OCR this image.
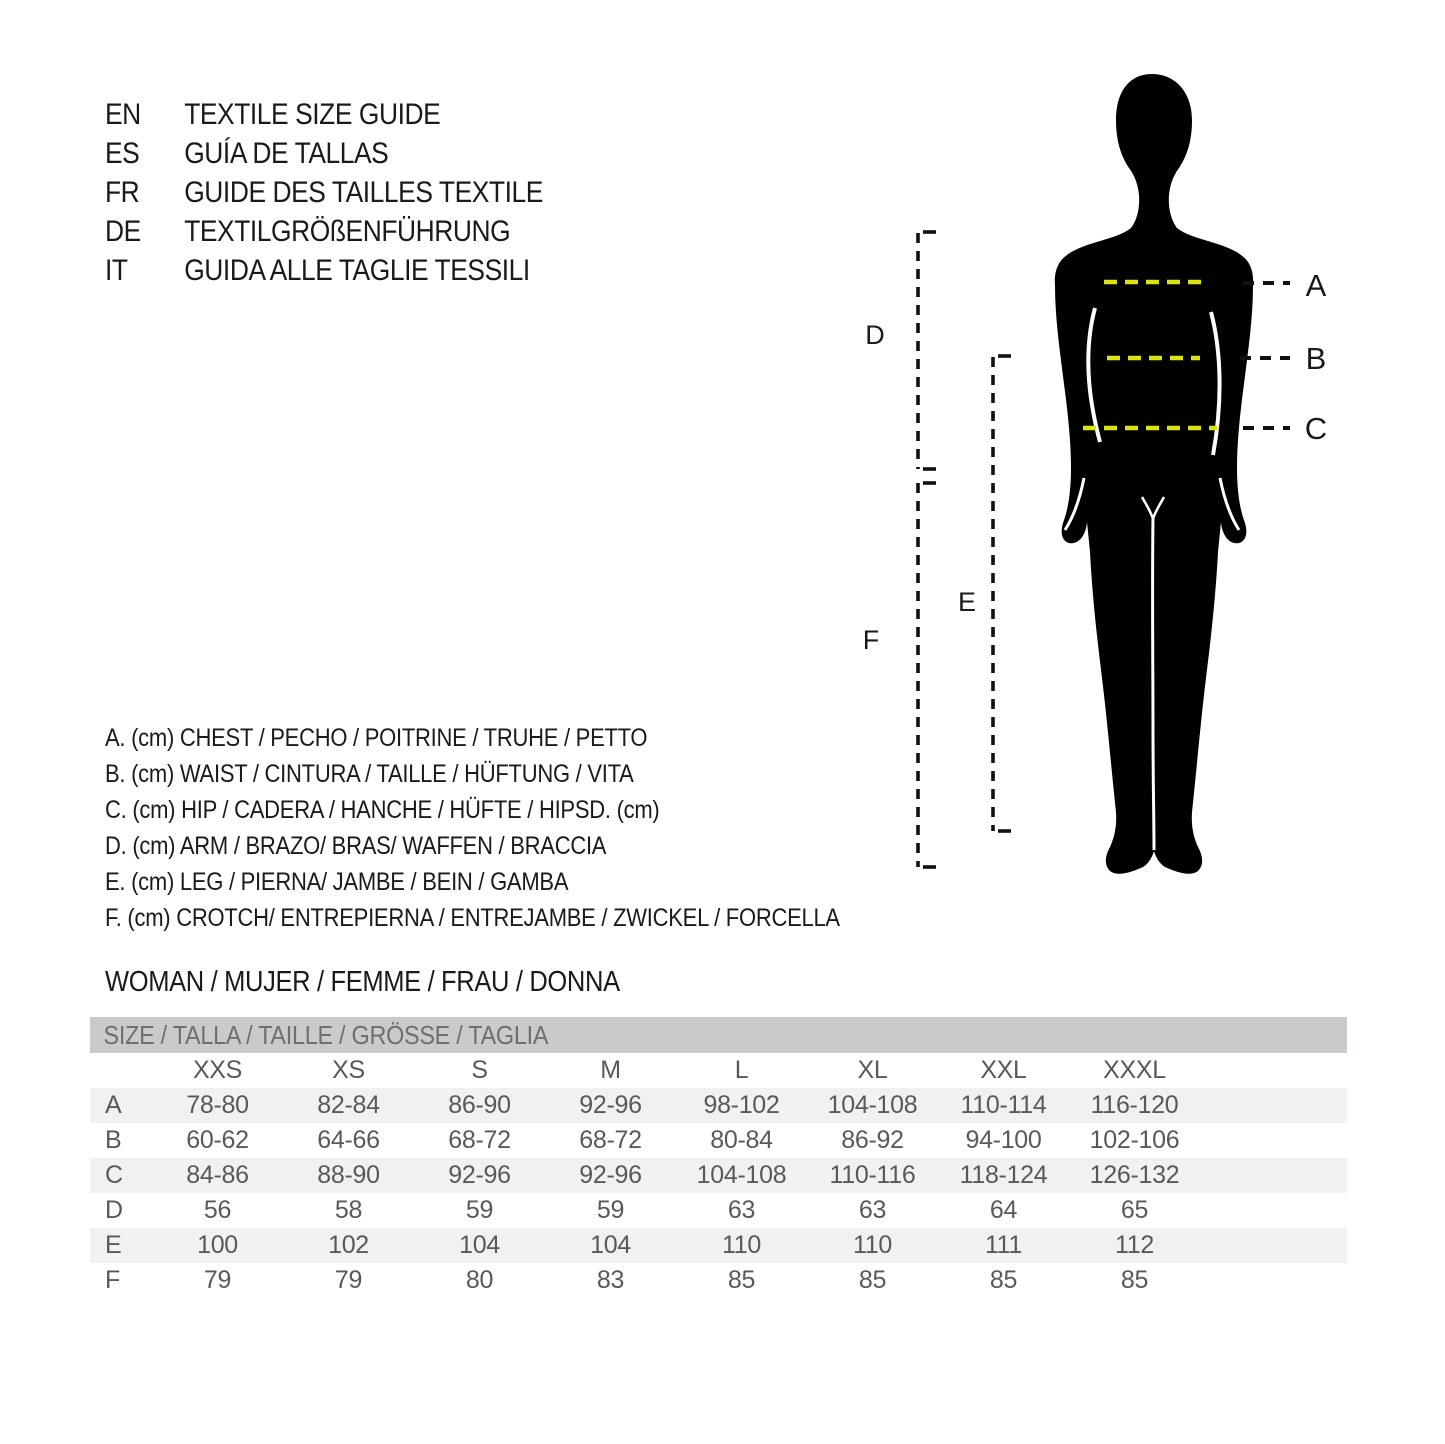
EN	TEXTILE SIZE GUIDE
ES	GUÍA DE TALLAS
FR	GUIDE DES TAILLES TEXTILE
DE	TEXTILGRÖßENFÜHRUNG
IT	GUIDA ALLE TAGLIE TESSILI	A
B
C
D
E
F
A. (cm) CHEST / PECHO / POITRINE / TRUHE / PETTO
B. (cm) WAIST / CINTURA / TAILLE / HÜFTUNG / VITA
C. (cm) HIP / CADERA / HANCHE / HÜFTE / HIPSD. (cm)
D. (cm) ARM / BRAZO/ BRAS/ WAFFEN / BRACCIA
E. (cm) LEG / PIERNA/ JAMBE / BEIN / GAMBA
F. (cm) CROTCH/ ENTREPIERNA / ENTREJAMBE / ZWICKEL / FORCELLA
WOMAN / MUJER / FEMME / FRAU / DONNA
SIZE / TALLA / TAILLE / GRÖSSE / TAGLIA									
	XXS	XS	S	M	L	XL	XXL	XXXL	
A	78-80	82-84	86-90	92-96	98-102	104-108	110-114	116-120	
B	60-62	64-66	68-72	68-72	80-84	86-92	94-100	102-106	
C	84-86	88-90	92-96	92-96	104-108	110-116	118-124	126-132	
D	56	58	59	59	63	63	64	65	
E	100	102	104	104	110	110	111	112	
F	79	79	80	83	85	85	85	85	
